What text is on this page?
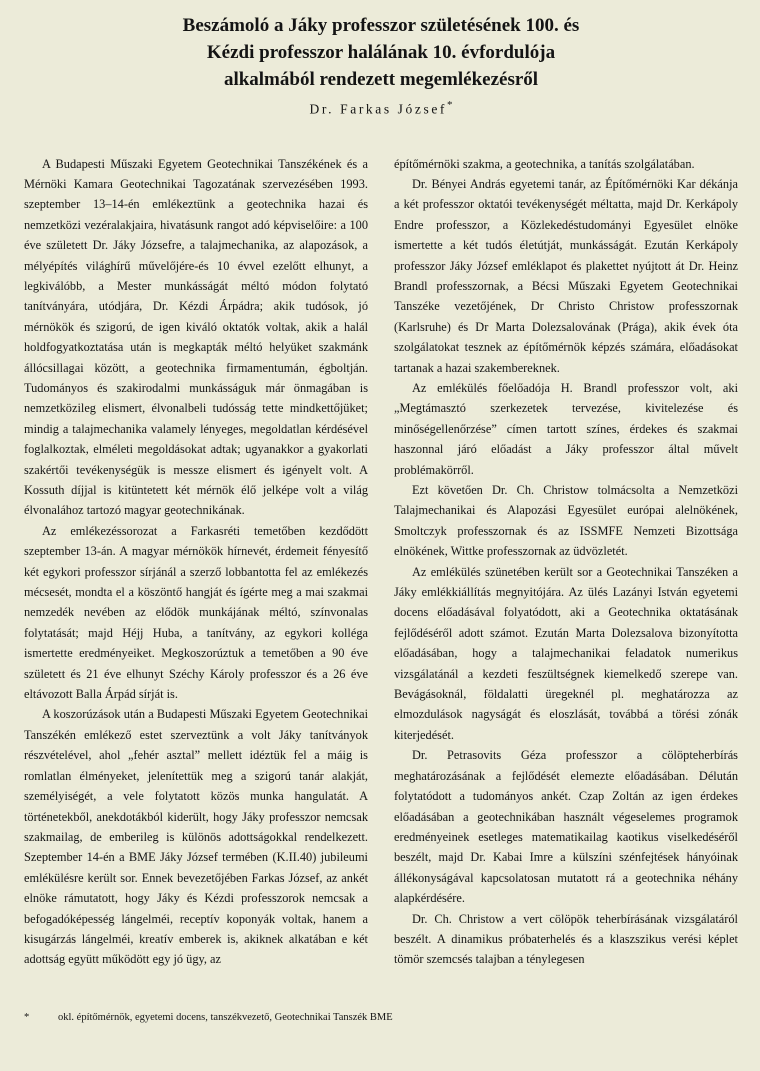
Beszámoló a Jáky professzor születésének 100. és
Kézdi professzor halálának 10. évfordulója
alkalmából rendezett megemlékezésről
Dr. Farkas József*

A Budapesti Műszaki Egyetem Geotechnikai Tanszékének és a Mérnöki Kamara Geotechnikai Tagozatának szervezésében 1993. szeptember 13–14-én emlékeztünk a geotechnika hazai és nemzetközi vezéralakjaira, hivatásunk rangot adó képviselőire: a 100 éve született Dr. Jáky Józsefre, a talajmechanika, az alapozások, a mélyépítés világhírű művelőjére-és 10 évvel ezelőtt elhunyt, a legkiválóbb, a Mester munkásságát méltó módon folytató tanítványára, utódjára, Dr. Kézdi Árpádra; akik tudósok, jó mérnökök és szigorú, de igen kiváló oktatók voltak, akik a halál holdfogyatkoztatása után is megkapták méltó helyüket szakmánk állócsillagai között, a geotechnika firmamentumán, égboltján. Tudományos és szakirodalmi munkásságuk már önmagában is nemzetközileg elismert, élvonalbeli tudósság tette mindkettőjüket; mindig a talajmechanika valamely lényeges, megoldatlan kérdésével foglalkoztak, elméleti megoldásokat adtak; ugyanakkor a gyakorlati szakértői tevékenységük is messze elismert és igényelt volt. A Kossuth díjjal is kitüntetett két mérnök élő jelképe volt a világ élvonalához tartozó magyar geotechnikának.

Az emlékezéssorozat a Farkasréti temetőben kezdődött szeptember 13-án. A magyar mérnökök hírnevét, érdemeit fényesítő két egykori professzor sírjánál a szerző lobbantotta fel az emlékezés mécsesét, mondta el a köszöntő hangját és ígérte meg a mai szakmai nemzedék nevében az elődök munkájának méltó, színvonalas folytatását; majd Héjj Huba, a tanítvány, az egykori kolléga ismertette eredményeiket. Megkoszorúztuk a temetőben a 90 éve született és 21 éve elhunyt Széchy Károly professzor és a 26 éve eltávozott Balla Árpád sírját is.

A koszorúzások után a Budapesti Műszaki Egyetem Geotechnikai Tanszékén emlékező estet szerveztünk a volt Jáky tanítványok részvételével, ahol „fehér asztal” mellett idéztük fel a máig is romlatlan élményeket, jelenítettük meg a szigorú tanár alakját, személyiségét, a vele folytatott közös munka hangulatát. A történetekből, anekdotákból kiderült, hogy Jáky professzor nemcsak szakmailag, de emberileg is különös adottságokkal rendelkezett. Szeptember 14-én a BME Jáky József termében (K.II.40) jubileumi emlékülésre került sor. Ennek bevezetőjében Farkas József, az ankét elnöke rámutatott, hogy Jáky és Kézdi professzorok nemcsak a befogadóképesség lángelméi, receptív koponyák voltak, hanem a kisugárzás lángelméi, kreatív emberek is, akiknek alkatában e két adottság együtt működött egy jó ügy, az

építőmérnöki szakma, a geotechnika, a tanítás szolgálatában.

Dr. Bényei András egyetemi tanár, az Építőmérnöki Kar dékánja a két professzor oktatói tevékenységét méltatta, majd Dr. Kerkápoly Endre professzor, a Közlekedéstudományi Egyesület elnöke ismertette a két tudós életútját, munkásságát. Ezután Kerkápoly professzor Jáky József emléklapot és plakettet nyújtott át Dr. Heinz Brandl professzornak, a Bécsi Műszaki Egyetem Geotechnikai Tanszéke vezetőjének, Dr Christo Christow professzornak (Karlsruhe) és Dr Marta Dolezsalovának (Prága), akik évek óta szolgálatokat tesznek az építőmérnök képzés számára, előadásokat tartanak a hazai szakembereknek.

Az emlékülés főelőadója H. Brandl professzor volt, aki „Megtámasztó szerkezetek tervezése, kivitelezése és minőségellenőrzése” címen tartott színes, érdekes és szakmai haszonnal járó előadást a Jáky professzor által művelt problémakörről.

Ezt követően Dr. Ch. Christow tolmácsolta a Nemzetközi Talajmechanikai és Alapozási Egyesület európai alelnökének, Smoltczyk professzornak és az ISSMFE Nemzeti Bizottsága elnökének, Wittke professzornak az üdvözletét.

Az emlékülés szünetében került sor a Geotechnikai Tanszéken a Jáky emlékkiállítás megnyitójára. Az ülés Lazányi István egyetemi docens előadásával folyatódott, aki a Geotechnika oktatásának fejlődéséről adott számot. Ezután Marta Dolezsalova bizonyította előadásában, hogy a talajmechanikai feladatok numerikus vizsgálatánál a kezdeti feszültségnek kiemelkedő szerepe van. Bevágásoknál, földalatti üregeknél pl. meghatározza az elmozdulások nagyságát és eloszlását, továbbá a törési zónák kiterjedését.

Dr. Petrasovits Géza professzor a cölöpteherbírás meghatározásának a fejlődését elemezte előadásában. Délután folytatódott a tudományos ankét. Czap Zoltán az igen érdekes előadásában a geotechnikában használt végeselemes programok eredményeinek esetleges matematikailag kaotikus viselkedéséről beszélt, majd Dr. Kabai Imre a külszíni szénfejtések hányóinak állékonyságával kapcsolatosan mutatott rá a geotechnika néhány alapkérdésére.

Dr. Ch. Christow a vert cölöpök teherbírásának vizsgálatáról beszélt. A dinamikus próbaterhelés és a klaszszikus verési képlet tömör szemcsés talajban a ténylegesen

*	okl. építőmérnök, egyetemi docens, tanszékvezető, Geotechnikai Tanszék BME
